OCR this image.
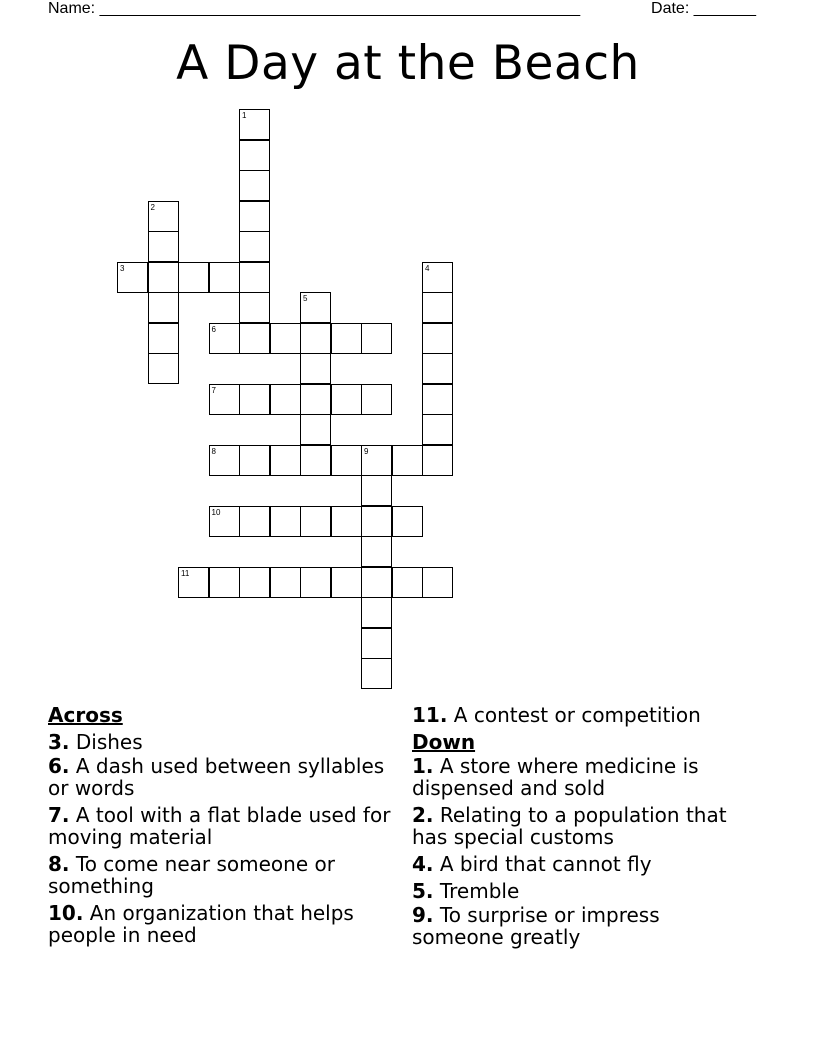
Name: ______________________________________________________	Date: _______
A Day at the Beach
1
2
3	4
5
6
7
8	9
10
11
Across
3. Dishes
6. A dash used between syllables or words
7. A tool with a flat blade used for moving material
8. To come near someone or something
10. An organization that helps people in need
11. A contest or competition
Down
1. A store where medicine is dispensed and sold
2. Relating to a population that has special customs
4. A bird that cannot fly
5. Tremble
9. To surprise or impress someone greatly
